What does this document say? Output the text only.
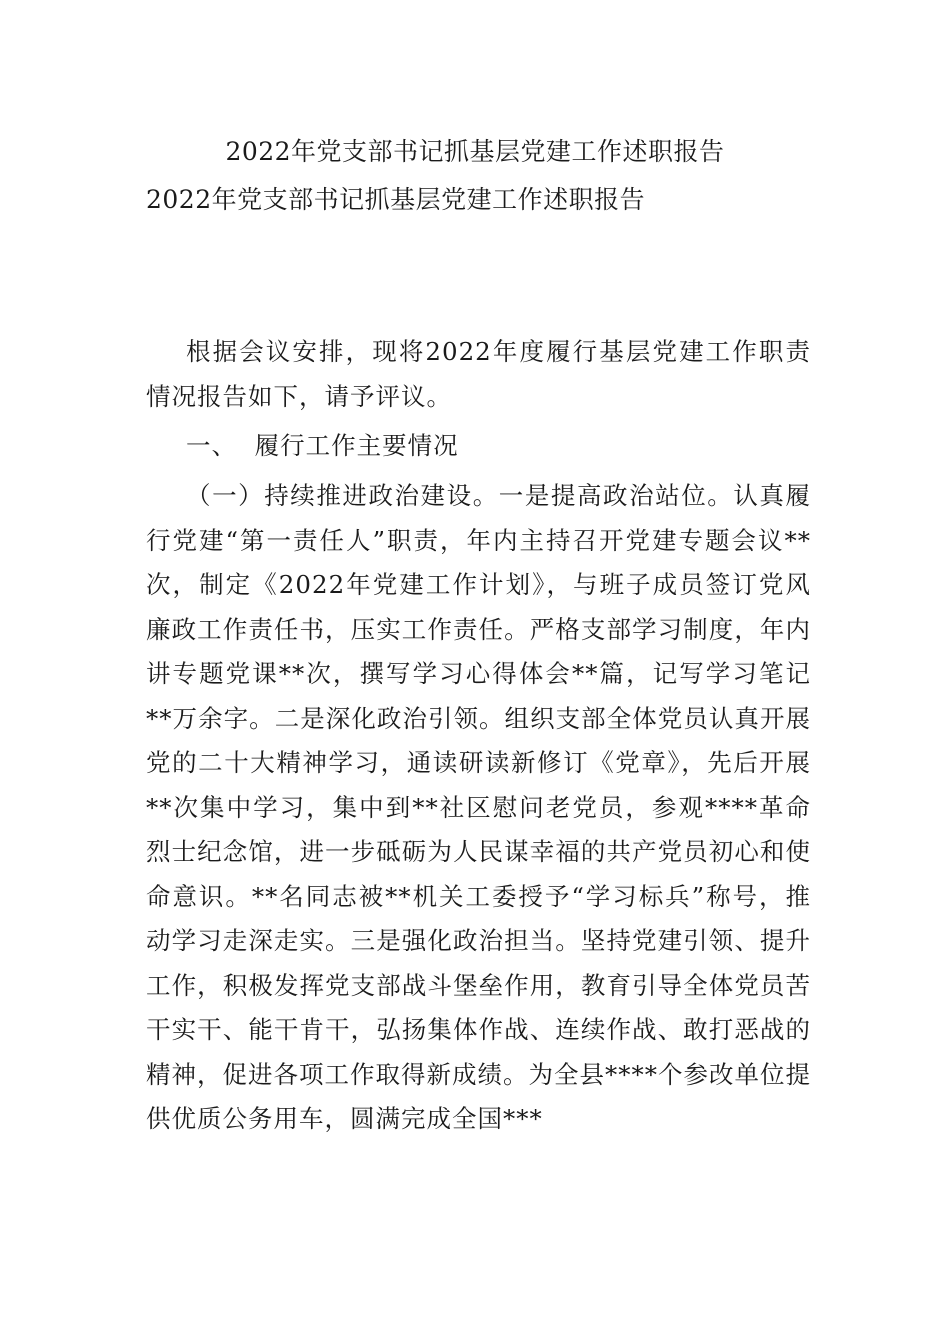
2022年党支部书记抓基层党建工作述职报告
2022年党支部书记抓基层党建工作述职报告
根据会议安排，现将2022年度履行基层党建工作职责情况报告如下，请予评议。
一、  履行工作主要情况
（一）持续推进政治建设。一是提高政治站位。认真履行党建“第一责任人”职责，年内主持召开党建专题会议**次，制定《2022年党建工作计划》，与班子成员签订党风廉政工作责任书，压实工作责任。严格支部学习制度，年内讲专题党课**次，撰写学习心得体会**篇，记写学习笔记**万余字。二是深化政治引领。组织支部全体党员认真开展党的二十大精神学习，通读研读新修订《党章》，先后开展**次集中学习，集中到**社区慰问老党员，参观****革命烈士纪念馆，进一步砥砺为人民谋幸福的共产党员初心和使命意识。**名同志被**机关工委授予“学习标兵”称号，推动学习走深走实。三是强化政治担当。坚持党建引领、提升工作，积极发挥党支部战斗堡垒作用，教育引导全体党员苦干实干、能干肯干，弘扬集体作战、连续作战、敢打恶战的精神，促进各项工作取得新成绩。为全县****个参改单位提供优质公务用车，圆满完成全国***
